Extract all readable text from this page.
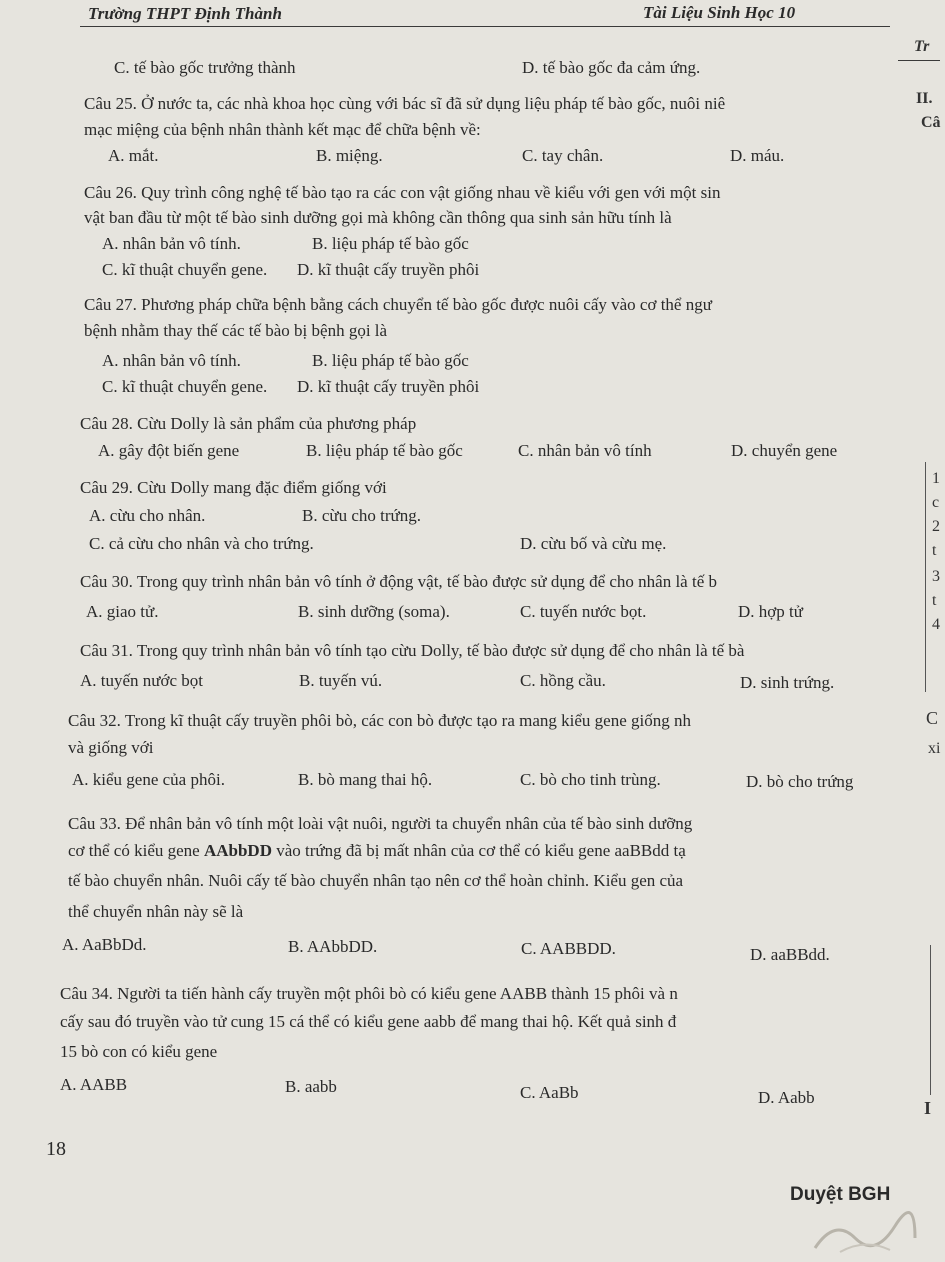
Trường THPT Định Thành	Tài Liệu Sinh Học 10
C. tế bào gốc trưởng thành	D. tế bào gốc đa cảm ứng.
Câu 25. Ở nước ta, các nhà khoa học cùng với bác sĩ đã sử dụng liệu pháp tế bào gốc, nuôi niê
mạc miệng của bệnh nhân thành kết mạc để chữa bệnh về:
A. mắt.	B. miệng.	C. tay chân.	D. máu.
Câu 26. Quy trình công nghệ tế bào tạo ra các con vật giống nhau về kiểu với gen với một sin
vật ban đầu từ một tế bào sinh dưỡng gọi mà không cần thông qua sinh sản hữu tính là
A. nhân bản vô tính.	B. liệu pháp tế bào gốc
C. kĩ thuật chuyển gene. D. kĩ thuật cấy truyền phôi
Câu 27. Phương pháp chữa bệnh bằng cách chuyển tế bào gốc được nuôi cấy vào cơ thể ngư
bệnh nhằm thay thế các tế bào bị bệnh gọi là
A. nhân bản vô tính.	B. liệu pháp tế bào gốc
C. kĩ thuật chuyển gene. D. kĩ thuật cấy truyền phôi
Câu 28. Cừu Dolly là sản phẩm của phương pháp
A. gây đột biến gene	B. liệu pháp tế bào gốc	C. nhân bản vô tính	D. chuyển gene
Câu 29. Cừu Dolly mang đặc điểm giống với
A. cừu cho nhân.	B. cừu cho trứng.
C. cả cừu cho nhân và cho trứng.	D. cừu bố và cừu mẹ.
Câu 30. Trong quy trình nhân bản vô tính ở động vật, tế bào được sử dụng để cho nhân là tế b
A. giao tử.	B. sinh dưỡng (soma).	C. tuyến nước bọt.	D. hợp tử
Câu 31. Trong quy trình nhân bản vô tính tạo cừu Dolly, tế bào được sử dụng để cho nhân là tế bà
A. tuyến nước bọt	B. tuyến vú.	C. hồng cầu.	D. sinh trứng.
Câu 32. Trong kĩ thuật cấy truyền phôi bò, các con bò được tạo ra mang kiểu gene giống nh
và giống với
A. kiểu gene của phôi.	B. bò mang thai hộ.	C. bò cho tinh trùng.	D. bò cho trứng
Câu 33. Để nhân bản vô tính một loài vật nuôi, người ta chuyển nhân của tế bào sinh dưỡng
cơ thể có kiểu gene AAbbDD vào trứng đã bị mất nhân của cơ thể có kiểu gene aaBBdd tạ
tế bào chuyển nhân. Nuôi cấy tế bào chuyển nhân tạo nên cơ thể hoàn chỉnh. Kiểu gen của
thể chuyển nhân này sẽ là
A. AaBbDd.	B. AAbbDD.	C. AABBDD.	D. aaBBdd.
Câu 34. Người ta tiến hành cấy truyền một phôi bò có kiểu gene AABB thành 15 phôi và n
cấy sau đó truyền vào tử cung 15 cá thể có kiểu gene aabb để mang thai hộ. Kết quả sinh đ
15 bò con có kiểu gene
A. AABB	B. aabb	C. AaBb	D. Aabb
18
Duyệt BGH
Tr
II.
Câ
1
c
2
t
3
t
4
C
xi
I
